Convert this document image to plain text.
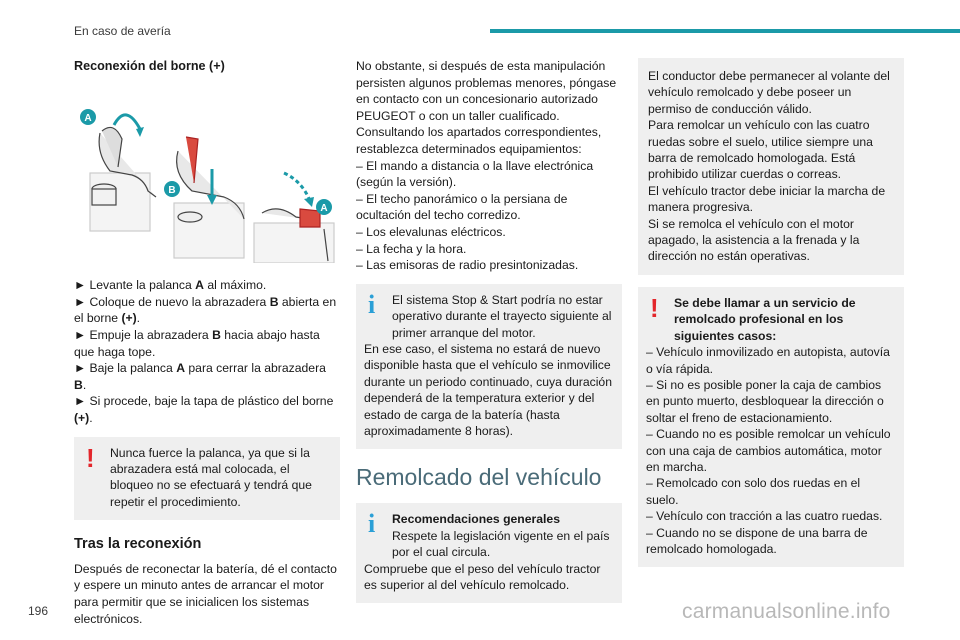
En caso de avería
Reconexión del borne (+)
A
B
A

► Levante la palanca A al máximo.

► Coloque de nuevo la abrazadera B abierta en el borne (+).

► Empuje la abrazadera B hacia abajo hasta que haga tope.

► Baje la palanca A para cerrar la abrazadera B.

► Si procede, baje la tapa de plástico del borne (+).

! Nunca fuerce la palanca, ya que si la abrazadera está mal colocada, el bloqueo no se efectuará y tendrá que repetir el procedimiento.
Tras la reconexión

Después de reconectar la batería, dé el contacto y espere un minuto antes de arrancar el motor para permitir que se inicialicen los sistemas electrónicos.

No obstante, si después de esta manipulación persisten algunos problemas menores, póngase en contacto con un concesionario autorizado PEUGEOT o con un taller cualificado.

Consultando los apartados correspondientes, restablezca determinados equipamientos:

– El mando a distancia o la llave electrónica (según la versión).

– El techo panorámico o la persiana de ocultación del techo corredizo.

– Los elevalunas eléctricos.

– La fecha y la hora.

– Las emisoras de radio presintonizadas.

i El sistema Stop & Start podría no estar operativo durante el trayecto siguiente al primer arranque del motor.

En ese caso, el sistema no estará de nuevo disponible hasta que el vehículo se inmovilice durante un periodo continuado, cuya duración dependerá de la temperatura exterior y del estado de carga de la batería (hasta aproximadamente 8 horas).

Remolcado del vehículo
i Recomendaciones generales
Respete la legislación vigente en el país por el cual circula.

Compruebe que el peso del vehículo tractor es superior al del vehículo remolcado.

El conductor debe permanecer al volante del vehículo remolcado y debe poseer un permiso de conducción válido.

Para remolcar un vehículo con las cuatro ruedas sobre el suelo, utilice siempre una barra de remolcado homologada. Está prohibido utilizar cuerdas o correas.

El vehículo tractor debe iniciar la marcha de manera progresiva.

Si se remolca el vehículo con el motor apagado, la asistencia a la frenada y la dirección no están operativas.

! Se debe llamar a un servicio de remolcado profesional en los siguientes casos:

– Vehículo inmovilizado en autopista, autovía o vía rápida.

– Si no es posible poner la caja de cambios en punto muerto, desbloquear la dirección o soltar el freno de estacionamiento.

– Cuando no es posible remolcar un vehículo con una caja de cambios automática, motor en marcha.

– Remolcado con solo dos ruedas en el suelo.

– Vehículo con tracción a las cuatro ruedas.

– Cuando no se dispone de una barra de remolcado homologada.

196	carmanualsonline.info
